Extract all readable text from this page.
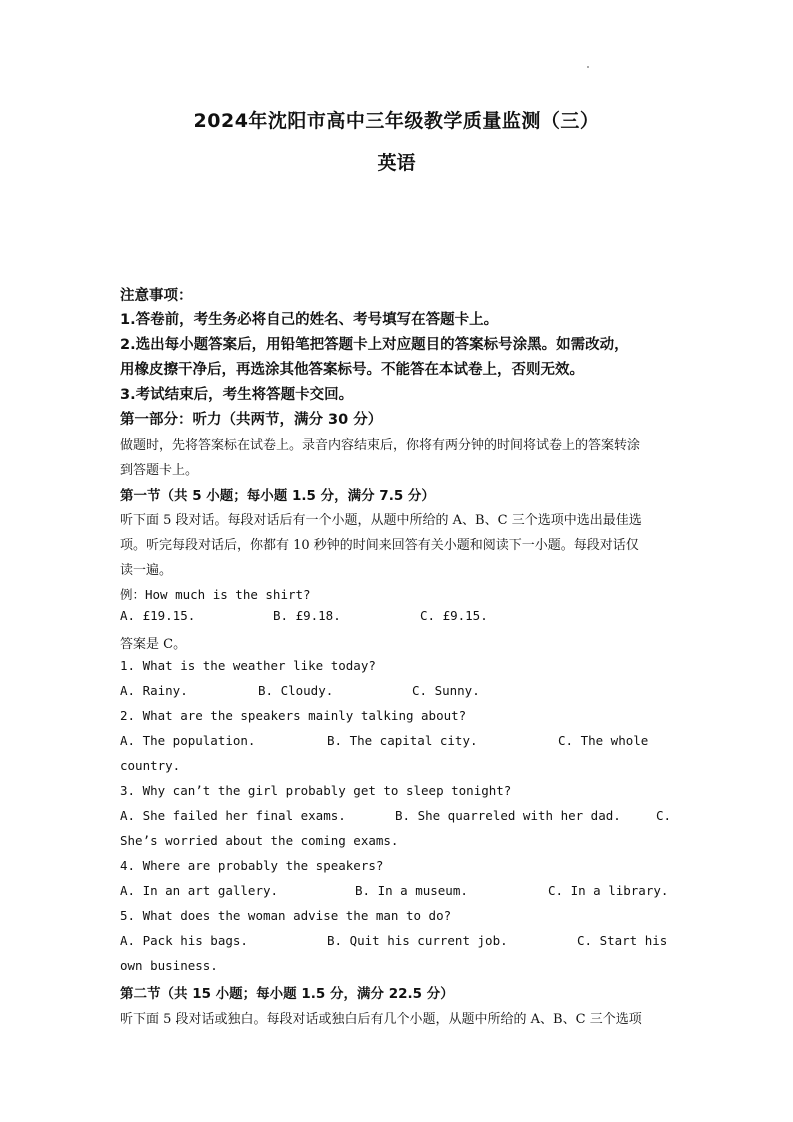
2024年沈阳市高中三年级教学质量监测（三）
英语
注意事项：
1.答卷前，考生务必将自己的姓名、考号填写在答题卡上。
2.选出每小题答案后，用铅笔把答题卡上对应题目的答案标号涂黑。如需改动，
用橡皮擦干净后，再选涂其他答案标号。不能答在本试卷上，否则无效。
3.考试结束后，考生将答题卡交回。
第一部分：听力（共两节，满分 30 分）
做题时，先将答案标在试卷上。录音内容结束后，你将有两分钟的时间将试卷上的答案转涂
到答题卡上。
第一节（共 5 小题；每小题 1.5 分，满分 7.5 分）
听下面 5 段对话。每段对话后有一个小题，从题中所给的 A、B、C 三个选项中选出最佳选
项。听完每段对话后，你都有 10 秒钟的时间来回答有关小题和阅读下一小题。每段对话仅
读一遍。
例：How much is the shirt?
A. £19.15.	B. £9.18.	C. £9.15.
答案是 C。
1. What is the weather like today?
A. Rainy.	B. Cloudy.	C. Sunny.
2. What are the speakers mainly talking about?
A. The population.	B. The capital city.	C. The whole
country.
3. Why can’t the girl probably get to sleep tonight?
A. She failed her final exams.	B. She quarreled with her dad.	C.
She’s worried about the coming exams.
4. Where are probably the speakers?
A. In an art gallery.	B. In a museum.	C. In a library.
5. What does the woman advise the man to do?
A. Pack his bags.	B. Quit his current job.	C. Start his
own business.
第二节（共 15 小题；每小题 1.5 分，满分 22.5 分）
听下面 5 段对话或独白。每段对话或独白后有几个小题，从题中所给的 A、B、C 三个选项
